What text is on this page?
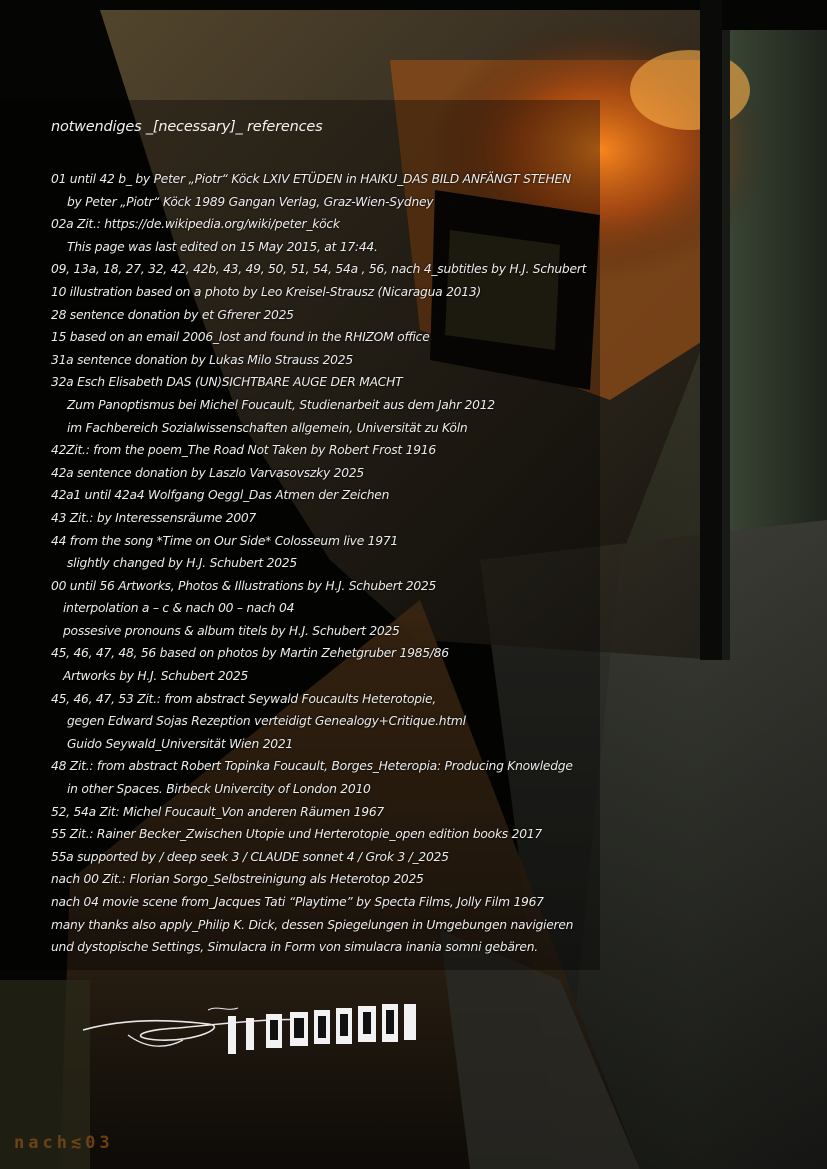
notwendiges _[necessary]_ references
01 until 42 b_ by Peter „Piotr“ Köck LXIV ETÜDEN in HAIKU_DAS BILD ANFÄNGT STEHEN
by Peter „Piotr“ Köck 1989 Gangan Verlag, Graz-Wien-Sydney
02a Zit.: https://de.wikipedia.org/wiki/peter_köck
This page was last edited on 15 May 2015, at 17:44.
09, 13a, 18, 27, 32, 42, 42b, 43, 49, 50, 51, 54, 54a , 56, nach 4_subtitles by H.J. Schubert
10 illustration based on a photo by Leo Kreisel-Strausz (Nicaragua 2013)
28 sentence donation by et Gfrerer 2025
15 based on an email 2006_lost and found in the RHIZOM office
31a sentence donation by Lukas Milo Strauss 2025
32a Esch Elisabeth DAS (UN)SICHTBARE AUGE DER MACHT
Zum Panoptismus bei Michel Foucault, Studienarbeit aus dem Jahr 2012
im Fachbereich Sozialwissenschaften allgemein, Universität zu Köln
42Zit.: from the poem_The Road Not Taken by Robert Frost 1916
42a sentence donation by Laszlo Varvasovszky 2025
42a1 until 42a4 Wolfgang Oeggl_Das Atmen der Zeichen
43 Zit.: by Interessensräume 2007
44 from the song *Time on Our Side* Colosseum live 1971
slightly changed by H.J. Schubert 2025
00 until 56 Artworks, Photos & Illustrations by H.J. Schubert 2025
interpolation a – c & nach 00 – nach 04
possesive pronouns & album titels by H.J. Schubert 2025
45, 46, 47, 48, 56 based on photos by Martin Zehetgruber 1985/86
Artworks by H.J. Schubert 2025
45, 46, 47, 53 Zit.: from abstract Seywald Foucaults Heterotopie,
gegen Edward Sojas Rezeption verteidigt Genealogy+Critique.html
Guido Seywald_Universität Wien 2021
48 Zit.: from abstract Robert Topinka Foucault, Borges_Heteropia: Producing Knowledge
in other Spaces. Birbeck Univercity of London 2010
52, 54a Zit: Michel Foucault_Von anderen Räumen 1967
55 Zit.: Rainer Becker_Zwischen Utopie und Herterotopie_open edition books 2017
55a supported by / deep seek 3 / CLAUDE sonnet 4 / Grok 3 /_2025
nach 00 Zit.: Florian Sorgo_Selbstreinigung als Heterotop 2025
nach 04 movie scene from_Jacques Tati “Playtime” by Specta Films, Jolly Film 1967
many thanks also apply_Philip K. Dick, dessen Spiegelungen in Umgebungen navigieren
und dystopische Settings, Simulacra in Form von simulacra inania somni gebären.
nach≲03
